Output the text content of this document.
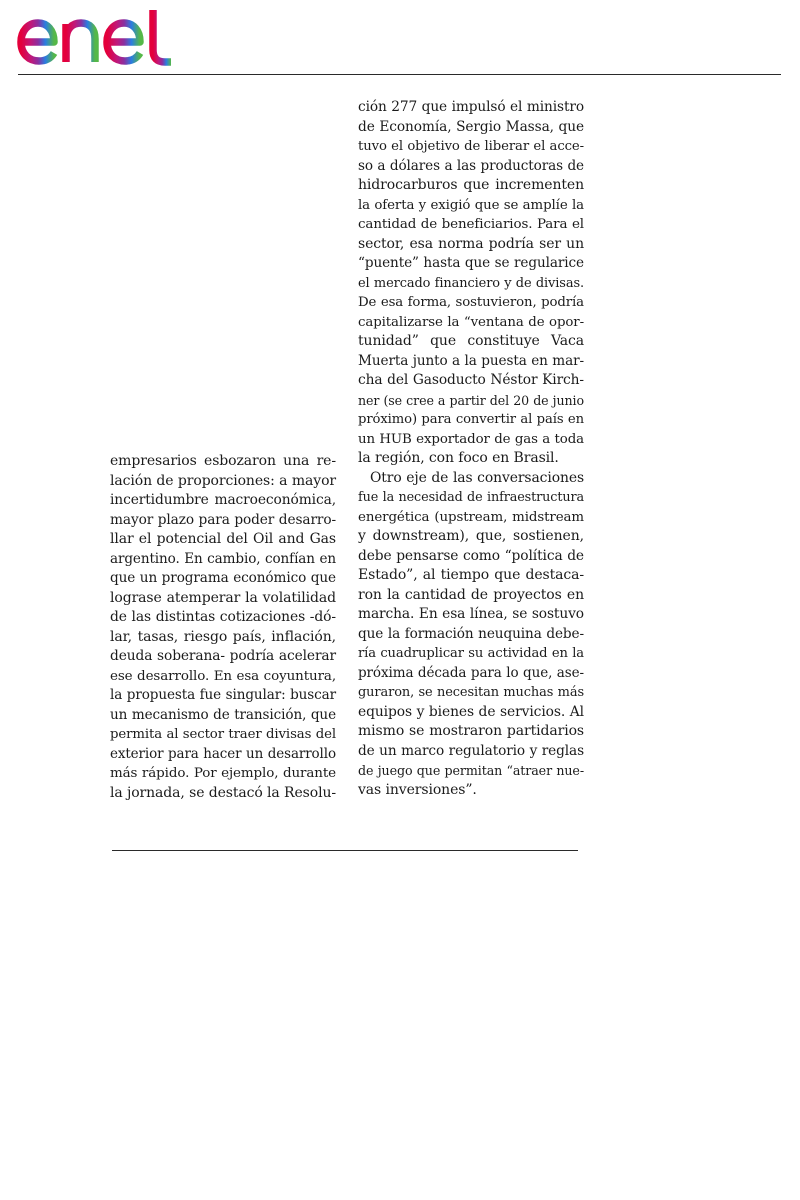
empresarios esbozaron una re-
lación de proporciones: a mayor
incertidumbre macroeconómica,
mayor plazo para poder desarro-
llar el potencial del Oil and Gas
argentino. En cambio, confían en
que un programa económico que
lograse atemperar la volatilidad
de las distintas cotizaciones -dó-
lar, tasas, riesgo país, inflación,
deuda soberana- podría acelerar
ese desarrollo. En esa coyuntura,
la propuesta fue singular: buscar
un mecanismo de transición, que
permita al sector traer divisas del
exterior para hacer un desarrollo
más rápido. Por ejemplo, durante
la jornada, se destacó la Resolu-

ción 277 que impulsó el ministro
de Economía, Sergio Massa, que
tuvo el objetivo de liberar el acce-
so a dólares a las productoras de
hidrocarburos que incrementen
la oferta y exigió que se amplíe la
cantidad de beneficiarios. Para el
sector, esa norma podría ser un
“puente” hasta que se regularice
el mercado financiero y de divisas.
De esa forma, sostuvieron, podría
capitalizarse la “ventana de opor-
tunidad” que constituye Vaca
Muerta junto a la puesta en mar-
cha del Gasoducto Néstor Kirch-
ner (se cree a partir del 20 de junio
próximo) para convertir al país en
un HUB exportador de gas a toda
la región, con foco en Brasil.

Otro eje de las conversaciones
fue la necesidad de infraestructura
energética (upstream, midstream
y downstream), que, sostienen,
debe pensarse como “política de
Estado”, al tiempo que destaca-
ron la cantidad de proyectos en
marcha. En esa línea, se sostuvo
que la formación neuquina debe-
ría cuadruplicar su actividad en la
próxima década para lo que, ase-
guraron, se necesitan muchas más
equipos y bienes de servicios. Al
mismo se mostraron partidarios
de un marco regulatorio y reglas
de juego que permitan “atraer nue-
vas inversiones”.
